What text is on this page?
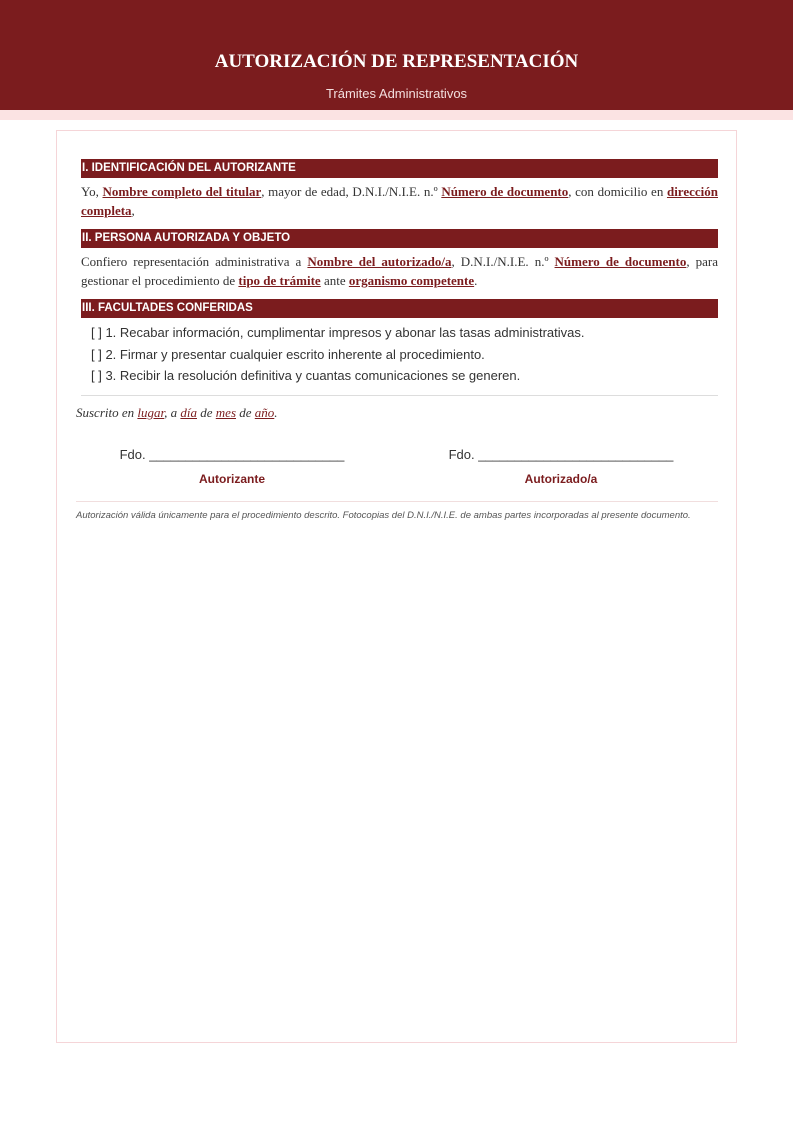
AUTORIZACIÓN DE REPRESENTACIÓN
Trámites Administrativos
I. IDENTIFICACIÓN DEL AUTORIZANTE

Yo, Nombre completo del titular, mayor de edad, D.N.I./N.I.E. n.º Número de documento, con domicilio en dirección completa,

II. PERSONA AUTORIZADA Y OBJETO

Confiero representación administrativa a Nombre del autorizado/a, D.N.I./N.I.E. n.º Número de documento, para gestionar el procedimiento de tipo de trámite ante organismo competente.

III. FACULTADES CONFERIDAS
[ ] 1. Recabar información, cumplimentar impresos y abonar las tasas administrativas.
[ ] 2. Firmar y presentar cualquier escrito inherente al procedimiento.
[ ] 3. Recibir la resolución definitiva y cuantas comunicaciones se generen.
Suscrito en lugar, a día de mes de año.
Fdo. ___________________________
Autorizante
Fdo. ___________________________
Autorizado/a
Autorización válida únicamente para el procedimiento descrito. Fotocopias del D.N.I./N.I.E. de ambas partes incorporadas al presente documento.
